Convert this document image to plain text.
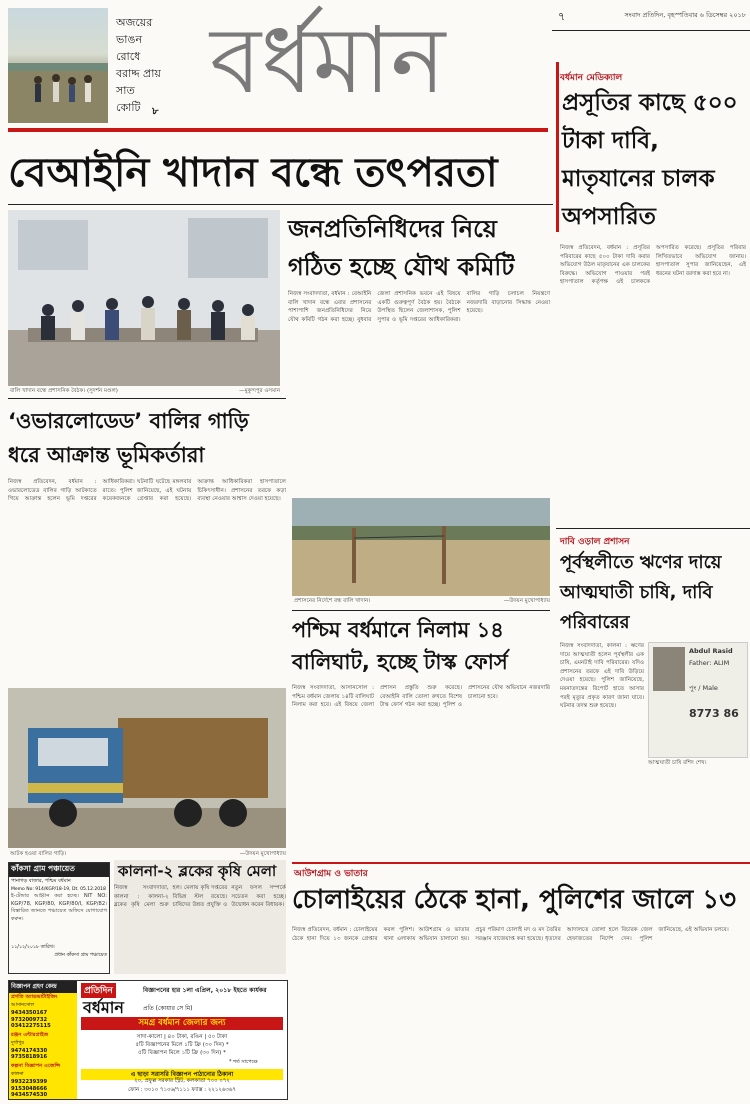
অজয়ের ভাঙন রোধে বরাদ্দ প্রায় সাত কোটি	৮ বর্ধমান	৭	সংবাদ প্রতিদিন, বৃহস্পতিবার ৬ ডিসেম্বর ২০১৮
বেআইনি খাদান বন্ধে তৎপরতা
বালি খাদান বন্ধে প্রশাসনিক বৈঠক। (সুদর্শন মণ্ডল)	—মুকুন্দপুর ওসমান
জনপ্রতিনিধিদের নিয়ে গঠিত হচ্ছে যৌথ কমিটি
নিজস্ব সংবাদদাতা, বর্ধমান : বেআইনি বালি খাদান বন্ধে এবার প্রশাসনের পাশাপাশি জনপ্রতিনিধিদের নিয়ে যৌথ কমিটি গঠন করা হচ্ছে। বুধবার জেলা প্রশাসনিক ভবনে এই বিষয়ে একটি গুরুত্বপূর্ণ বৈঠক হয়। বৈঠকে উপস্থিত ছিলেন জেলাশাসক, পুলিশ সুপার ও ভূমি দপ্তরের আধিকারিকরা। বালির গাড়ি চলাচল নিয়ন্ত্রণে নজরদারি বাড়ানোর সিদ্ধান্ত নেওয়া হয়েছে।
‘ওভারলোডেড’ বালির গাড়ি ধরে আক্রান্ত ভূমিকর্তারা
নিজস্ব প্রতিবেদন, বর্ধমান : ওভারলোডেড বালির গাড়ি আটকাতে গিয়ে আক্রান্ত হলেন ভূমি দপ্তরের আধিকারিকরা। ঘটনাটি ঘটেছে মঙ্গলবার রাতে। পুলিশ জানিয়েছে, এই ঘটনায় কয়েকজনকে গ্রেপ্তার করা হয়েছে। আক্রান্ত আধিকারিকরা হাসপাতালে চিকিৎসাধীন। প্রশাসনের তরফে কড়া ব্যবস্থা নেওয়ার আশ্বাস দেওয়া হয়েছে।
আটক হওয়া বালির গাড়ি।	—উদয়ন মুখোপাধ্যায়
প্রশাসনের নির্দেশে বন্ধ বালি খাদান।	—উদয়ন মুখোপাধ্যায়
পশ্চিম বর্ধমানে নিলাম ১৪ বালিঘাট, হচ্ছে টাস্ক ফোর্স
নিজস্ব সংবাদদাতা, আসানসোল : পশ্চিম বর্ধমান জেলায় ১৪টি বালিঘাট নিলাম করা হবে। এই বিষয়ে জেলা প্রশাসন প্রস্তুতি শুরু করেছে। বেআইনি বালি তোলা রুখতে বিশেষ টাস্ক ফোর্স গঠন করা হচ্ছে। পুলিশ ও প্রশাসনের যৌথ অভিযানে নজরদারি চালানো হবে।
বর্ধমান মেডিক্যাল
প্রসূতির কাছে ৫০০ টাকা দাবি, মাতৃযানের চালক অপসারিত
নিজস্ব প্রতিবেদন, বর্ধমান : প্রসূতির পরিবারের কাছে ৫০০ টাকা দাবি করার অভিযোগ উঠল মাতৃযানের এক চালকের বিরুদ্ধে। অভিযোগ পাওয়ার পরই হাসপাতাল কর্তৃপক্ষ ওই চালককে অপসারিত করেছে। প্রসূতির পরিবার লিখিতভাবে অভিযোগ জানায়। হাসপাতাল সুপার জানিয়েছেন, এই ধরনের ঘটনা বরদাস্ত করা হবে না।
দাবি ওড়াল প্রশাসন
পূর্বস্থলীতে ঋণের দায়ে আত্মঘাতী চাষি, দাবি পরিবারের
নিজস্ব সংবাদদাতা, কালনা : ঋণের দায়ে আত্মঘাতী হলেন পূর্বস্থলীর এক চাষি, এমনটাই দাবি পরিবারের। যদিও প্রশাসনের তরফে এই দাবি উড়িয়ে দেওয়া হয়েছে। পুলিশ জানিয়েছে, ময়নাতদন্তের রিপোর্ট হাতে আসার পরই মৃত্যুর প্রকৃত কারণ জানা যাবে। ঘটনার তদন্ত শুরু হয়েছে।
Abdul Rasid
Father: ALIM
পুং / Male
8773 86
আত্মঘাতী চাষি রশিদ শেখ।
কাঁকসা গ্রাম পঞ্চায়েত
পানাগড় বাজার, পশ্চিম বর্ধমান
Memo No: 914/KGP/18-19, Dt. 05.12.2018
ই-টেন্ডার আহ্বান করা হচ্ছে। NIT NO: KGP/78, KGP/80, KGP/80/I, KGP/82। বিস্তারিত জানতে পঞ্চায়েত অফিসে যোগাযোগ করুন।
১১/১২/২০১৮ তারিখ।
প্রধান কাঁকসা গ্রাম পঞ্চায়েত
কালনা-২ ব্লকের কৃষি মেলা
নিজস্ব সংবাদদাতা, কালনা : কালনা-২ ব্লকের কৃষি মেলা শুরু হল। মেলায় কৃষি দপ্তরের বিভিন্ন স্টল রয়েছে। চাষিদের উন্নত প্রযুক্তি ও নতুন ফসল সম্পর্কে সচেতন করা হচ্ছে। উদ্বোধন করেন বিধায়ক।
বিজ্ঞাপন গ্রহণ কেন্দ্র
প্রগতি অ্যাডভার্টাইজিং
আসানসোল
9434350167
9732009732
03412275115
রঞ্জন এন্টারপ্রাইজ
দুর্গাপুর
9474174330
9735818916
কল্পনা বিজ্ঞাপন এজেন্সি
কালনা
9932239399
9153048666
9434574530
প্রতিদিন
বর্ধমান
বিজ্ঞাপনের হার ১লা এপ্রিল, ২০১৮ ইহতে কার্যকর
প্রতি (কোয়ার সে মি)
সমগ্র বর্ধমান জেলার জন্য
সাদা-কালো | ৪০ টাকা, রঙিন | ৫০ টাকা
৫টি বিজ্ঞাপনের মিলে ১টি ফ্রি (৩০ দিন) *
৫টি বিজ্ঞাপন মিলে ১টি ফ্রি (৩০ দিন) *
* শর্ত সাপেক্ষে
এ ছাড়া সরাসরি বিজ্ঞাপন পাঠানোর ঠিকানা
২০, প্রফুল্ল সরকার স্ট্রিট, কলকাতা ৭০০ ০৭২
ফোন : ৩০১০ ৭১০৬/৭১১১ ফ্যাক্স : ২২১২৬৩৬৭
আউশগ্রাম ও ভাতার
চোলাইয়ের ঠেকে হানা, পুলিশের জালে ১৩
নিজস্ব প্রতিবেদন, বর্ধমান : চোলাইয়ের ঠেকে হানা দিয়ে ১৩ জনকে গ্রেপ্তার করল পুলিশ। আউশগ্রাম ও ভাতার থানা এলাকায় অভিযান চালানো হয়। প্রচুর পরিমাণ চোলাই মদ ও মদ তৈরির সরঞ্জাম বাজেয়াপ্ত করা হয়েছে। ধৃতদের আদালতে তোলা হলে বিচারক জেল হেফাজতের নির্দেশ দেন। পুলিশ জানিয়েছে, এই অভিযান চলবে।
